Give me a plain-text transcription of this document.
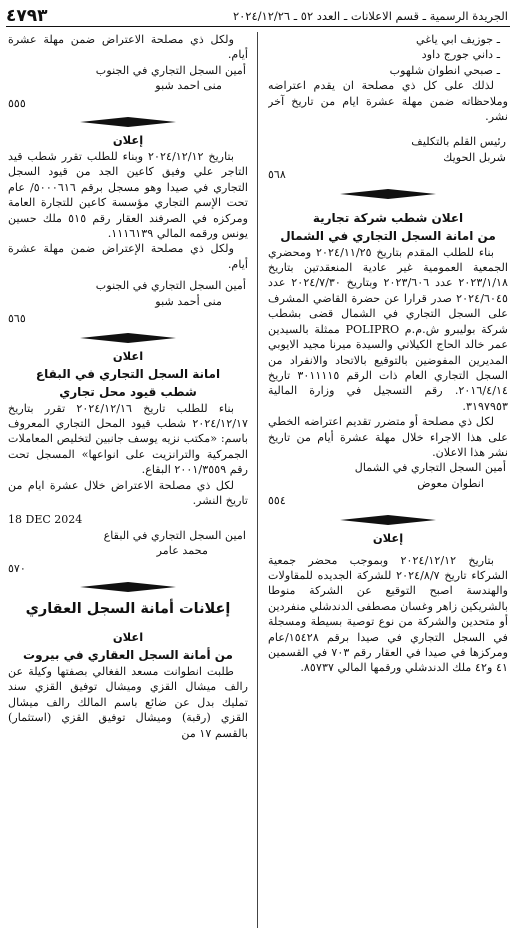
الجريدة الرسمية ـ قسم الاعلانات ـ العدد ٥٢ ـ ٢٠٢٤/١٢/٢٦
٤٧٩٣

ـ جوزيف ابي ياغي

ـ داني جورج داود

ـ صبحي انطوان شلهوب

لذلك على كل ذي مصلحة ان يقدم اعتراضه وملاحظاته ضمن مهلة عشرة ايام من تاريخ آخر نشر.

رئيس القلم بالتكليف

شربل الحويك

٥٦٨

اعلان شطب شركة تجارية

من امانة السجل التجاري في الشمال

بناء للطلب المقدم بتاريخ ٢٠٢٤/١١/٢٥ ومحضري الجمعية العمومية غير عادية المنعقدتين بتاريخ ٢٠٢٣/١/١٨ عدد ٢٠٢٣/٦٠٦ وبتاريخ ٢٠٢٤/٧/٣٠ عدد ٢٠٢٤/٦٠٤٥ صدر قرارا عن حضرة القاضي المشرف على السجل التجاري في الشمال قضى بشطب شركة بوليبرو ش.م.م POLIPRO ممثلة بالسيدين عمر خالد الحاج الكيلاني والسيدة ميرنا مجيد الايوبي المديرين المفوضين بالتوقيع بالاتحاد والانفراد من السجل التجاري العام ذات الرقم ٣٠١١١١٥ تاريخ ٢٠١٦/٤/١٤. رقم التسجيل في وزارة المالية ٣١٩٧٩٥٣.

لكل ذي مصلحة أو متضرر تقديم اعتراضه الخطي على هذا الاجراء خلال مهلة عشرة أيام من تاريخ نشر هذا الاعلان.

أمين السجل التجاري في الشمال

انطوان معوض

٥٥٤

إعلان

بتاريخ ٢٠٢٤/١٢/١٢ وبموجب محضر جمعية الشركاء تاريخ ٢٠٢٤/٨/٧ للشركة الجديده للمقاولات والهندسة اصبح التوقيع عن الشركة منوطا بالشريكين زاهر وغسان مصطفى الدندشلي منفردين أو متحدين والشركة من نوع توصية بسيطة ومسجلة في السجل التجاري في صيدا برقم ١٥٤٢٨/عام ومركزها في صيدا في العقار رقم ٧٠٣ في القسمين ٤١ و٤٢ ملك الدندشلي ورقمها المالي ٨٥٧٣٧.

ولكل ذي مصلحة الاعتراض ضمن مهلة عشرة أيام.

أمين السجل التجاري في الجنوب

منى احمد شبو

٥٥٥

إعلان

بتاريخ ٢٠٢٤/١٢/١٢ وبناء للطلب تقرر شطب قيد التاجر علي وفيق كاعين الجد من قيود السجل التجاري في صيدا وهو مسجل برقم ٥٠٠٠٦١٦/ عام تحت الإسم التجاري مؤسسة كاعين للتجارة العامة ومركزه في الصرفند العقار رقم ٥١٥ ملك حسين يونس ورقمه المالي ١١١٦١٣٩.

ولكل ذي مصلحة الإعتراض ضمن مهلة عشرة أيام.

أمين السجل التجاري في الجنوب

منى أحمد شبو

٥٦٥

اعلان

امانة السجل التجاري في البقاع

شطب قيود محل تجاري

بناء للطلب تاريخ ٢٠٢٤/١٢/١٦ تقرر بتاريخ ٢٠٢٤/١٢/١٧ شطب قيود المحل التجاري المعروف باسم: «مكتب نزيه يوسف جانبين لتخليص المعاملات الجمركية والترانزيت على انواعها» المسجل تحت رقم ٢٠٠١/٣٥٥٩ البقاع.

لكل ذي مصلحة الاعتراض خلال عشرة ايام من تاريخ النشر.

18 DEC 2024

امين السجل التجاري في البقاع

محمد عامر

٥٧٠

إعلانات أمانة السجل العقاري

اعلان

من أمانة السجل العقاري في بيروت

طلبت انطوانت مسعد الفغالي بصفتها وكيلة عن رالف ميشال القزي وميشال توفيق القزي سند تمليك بدل عن ضائع باسم المالك رالف ميشال القزي (رقبة) وميشال توفيق القزي (استثمار) بالقسم ١٧ من
